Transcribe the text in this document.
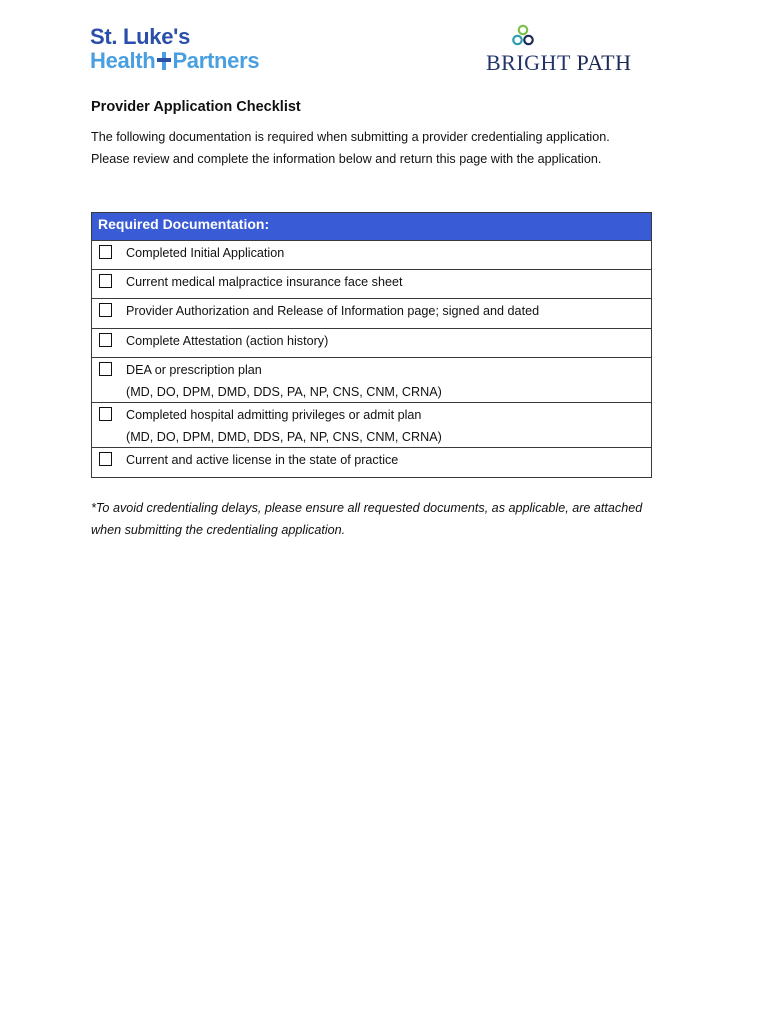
St. Luke's
Health Partners	BRIGHT PATH
Provider Application Checklist
The following documentation is required when submitting a provider credentialing application. Please review and complete the information below and return this page with the application.
Required Documentation:
Completed Initial Application
Current medical malpractice insurance face sheet
Provider Authorization and Release of Information page; signed and dated
Complete Attestation (action history)
DEA or prescription plan
(MD, DO, DPM, DMD, DDS, PA, NP, CNS, CNM, CRNA)
Completed hospital admitting privileges or admit plan
(MD, DO, DPM, DMD, DDS, PA, NP, CNS, CNM, CRNA)
Current and active license in the state of practice
*To avoid credentialing delays, please ensure all requested documents, as applicable, are attached when submitting the credentialing application.
